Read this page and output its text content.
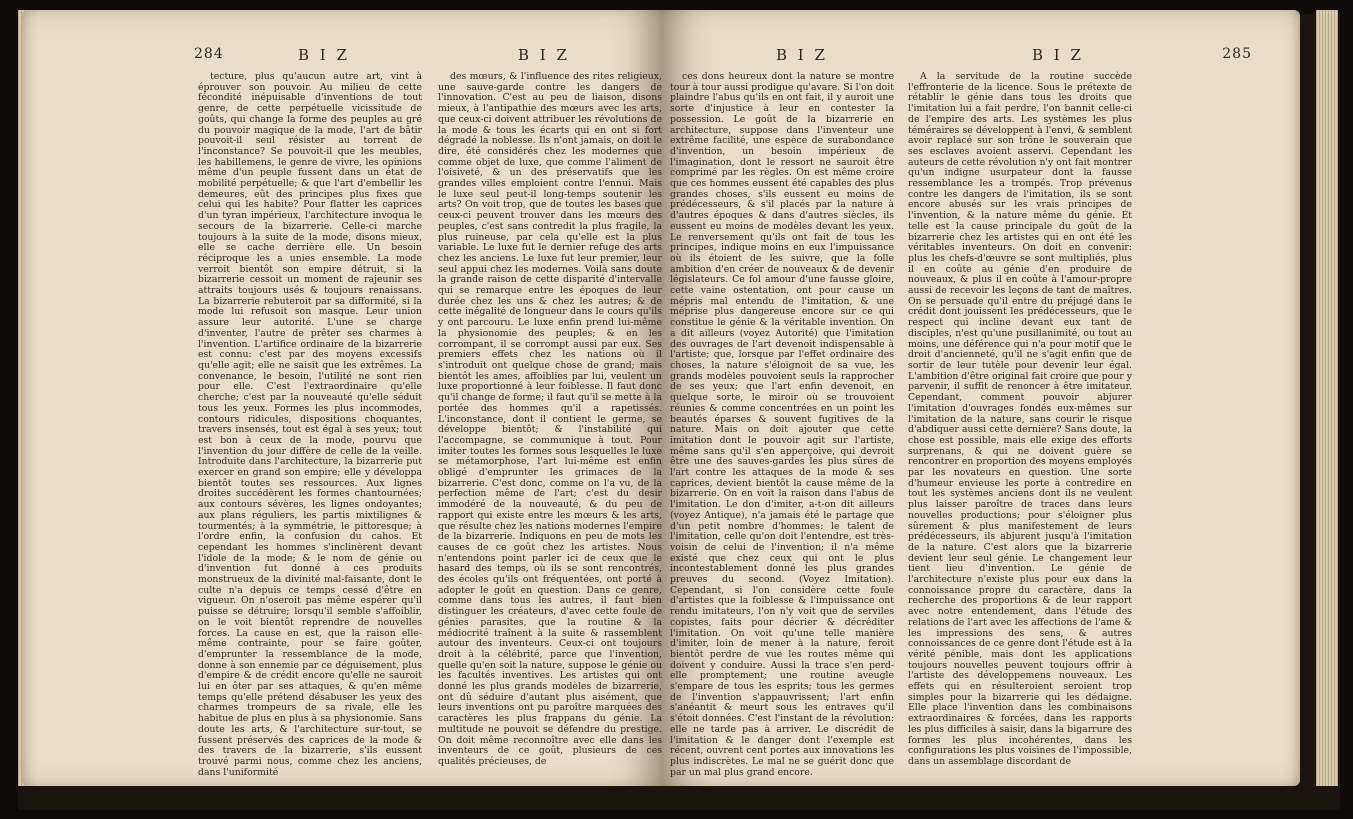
284	B I Z	B I Z

tecture, plus qu'aucun autre art, vint à éprouver son pouvoir. Au milieu de cette fécondité inépuisable d'inventions de tout genre, de cette perpétuelle vicissitude de goûts, qui change la forme des peuples au gré du pouvoir magique de la mode, l'art de bâtir pouvoit-il seul résister au torrent de l'inconstance? Se pouvoit-il que les meubles, les habillemens, le genre de vivre, les opinions même d'un peuple fussent dans un état de mobilité perpétuelle; & que l'art d'embellir les demeures, eût des principes plus fixes que celui qui les habite? Pour flatter les caprices d'un tyran impérieux, l'architecture invoqua le secours de la bizarrerie. Celle-ci marche toujours à la suite de la mode, disons mieux, elle se cache derrière elle. Un besoin réciproque les a unies ensemble. La mode verroit bientôt son empire détruit, si la bizarrerie cessoit un moment de rajeunir ses attraits toujours usés & toujours renaissans. La bizarrerie rebuteroit par sa difformité, si la mode lui refusoit son masque. Leur union assure leur autorité. L'une se charge d'inventer, l'autre de prêter ses charmes à l'invention. L'artifice ordinaire de la bizarrerie est connu: c'est par des moyens excessifs qu'elle agit; elle ne saisit que les extrêmes. La convenance, le besoin, l'utilité ne sont rien pour elle. C'est l'extraordinaire qu'elle cherche; c'est par la nouveauté qu'elle séduit tous les yeux. Formes les plus incommodes, contours ridicules, dispositions choquantes, travers insensés, tout est égal à ses yeux; tout est bon à ceux de la mode, pourvu que l'invention du jour diffère de celle de la veille. Introduite dans l'architecture, la bizarrerie put exercer en grand son empire; elle y développa bientôt toutes ses ressources. Aux lignes droites succédèrent les formes chantournées; aux contours sévères, les lignes ondoyantes; aux plans réguliers, les partis mixtilignes & tourmentés; à la symmétrie, le pittoresque; à l'ordre enfin, la confusion du cahos. Et cependant les hommes s'inclinèrent devant l'idole de la mode; & le nom de génie ou d'invention fut donné à ces produits monstrueux de la divinité mal-faisante, dont le culte n'a depuis ce temps cessé d'être en vigueur. On n'oseroit pas même espérer qu'il puisse se détruire; lorsqu'il semble s'affoiblir, on le voit bientôt reprendre de nouvelles forces. La cause en est, que la raison elle-même contrainte, pour se faire goûter, d'emprunter la ressemblance de la mode, donne à son ennemie par ce déguisement, plus d'empire & de crédit encore qu'elle ne sauroit lui en ôter par ses attaques, & qu'en même temps qu'elle prétend désabuser les yeux des charmes trompeurs de sa rivale, elle les habitue de plus en plus à sa physionomie. Sans doute les arts, & l'architecture sur-tout, se fussent préservés des caprices de la mode & des travers de la bizarrerie, s'ils eussent trouvé parmi nous, comme chez les anciens, dans l'uniformité

des mœurs, & l'influence des rites religieux, une sauve-garde contre les dangers de l'innovation. C'est au peu de liaison, disons mieux, à l'antipathie des mœurs avec les arts, que ceux-ci doivent attribuer les révolutions de la mode & tous les écarts qui en ont si fort dégradé la noblesse. Ils n'ont jamais, on doit le dire, été considérés chez les modernes que comme objet de luxe, que comme l'aliment de l'oisiveté, & un des préservatifs que les grandes villes emploient contre l'ennui. Mais le luxe seul peut-il long-temps soutenir les arts? On voit trop, que de toutes les bases que ceux-ci peuvent trouver dans les mœurs des peuples, c'est sans contredit la plus fragile, la plus ruineuse, par cela qu'elle est la plus variable. Le luxe fut le dernier refuge des arts chez les anciens. Le luxe fut leur premier, leur seul appui chez les modernes. Voilà sans doute la grande raison de cette disparité d'intervalle qui se remarque entre les époques de leur durée chez les uns & chez les autres; & de cette inégalité de longueur dans le cours qu'ils y ont parcouru. Le luxe enfin prend lui-même la physionomie des peuples; & en les corrompant, il se corrompt aussi par eux. Ses premiers effets chez les nations où il s'introduit ont quelque chose de grand; mais bientôt les ames, affoiblies par lui, veulent un luxe proportionné à leur foiblesse. Il faut donc qu'il change de forme; il faut qu'il se mette à la portée des hommes qu'il a rapetissés. L'inconstance, dont il contient le germe, se développe bientôt; & l'instabilité qui l'accompagne, se communique à tout. Pour imiter toutes les formes sous lesquelles le luxe se métamorphose, l'art lui-même est enfin obligé d'emprunter les grimaces de la bizarrerie. C'est donc, comme on l'a vu, de la perfection même de l'art; c'est du desir immodéré de la nouveauté, & du peu de rapport qui existe entre les mœurs & les arts, que résulte chez les nations modernes l'empire de la bizarrerie. Indiquons en peu de mots les causes de ce goût chez les artistes. Nous n'entendons point parler ici de ceux que le hasard des temps, où ils se sont rencontrés, des écoles qu'ils ont fréquentées, ont porté à adopter le goût en question. Dans ce genre, comme dans tous les autres, il faut bien distinguer les créateurs, d'avec cette foule de génies parasites, que la routine & la médiocrité traînent à la suite & rassemblent autour des inventeurs. Ceux-ci ont toujours droit à la célébrité, parce que l'invention, quelle qu'en soit la nature, suppose le génie ou les facultés inventives. Les artistes qui ont donné les plus grands modèles de bizarrerie, ont dû séduire d'autant plus aisément, que leurs inventions ont pu paroître marquées des caractères les plus frappans du génie. La multitude ne pouvoit se défendre du prestige. On doit même reconnoître avec elle dans les inventeurs de ce goût, plusieurs de ces qualités précieuses, de

B I Z	B I Z	285

ces dons heureux dont la nature se montre tour à tour aussi prodigue qu'avare. Si l'on doit plaindre l'abus qu'ils en ont fait, il y auroit une sorte d'injustice à leur en contester la possession. Le goût de la bizarrerie en architecture, suppose dans l'inventeur une extrême facilité, une espèce de surabondance d'invention, un besoin impérieux de l'imagination, dont le ressort ne sauroit être comprimé par les règles. On est même croire que ces hommes eussent été capables des plus grandes choses, s'ils eussent eu moins de prédécesseurs, & s'il placés par la nature à d'autres époques & dans d'autres siècles, ils eussent eu moins de modèles devant les yeux. Le renversement qu'ils ont fait de tous les principes, indique moins en eux l'impuissance où ils étoient de les suivre, que la folle ambition d'en créer de nouveaux & de devenir législateurs. Ce fol amour d'une fausse gloire, cette vaine ostentation, ont pour cause un mépris mal entendu de l'imitation, & une méprise plus dangereuse encore sur ce qui constitue le génie & la véritable invention. On a dit ailleurs (voyez Autorité) que l'imitation des ouvrages de l'art devenoit indispensable à l'artiste; que, lorsque par l'effet ordinaire des choses, la nature s'éloignoit de sa vue, les grands modèles pouvoient seuls la rapprocher de ses yeux; que l'art enfin devenoit, en quelque sorte, le miroir où se trouvoient réunies & comme concentrées en un point les beautés éparses & souvent fugitives de la nature. Mais on doit ajouter que cette imitation dont le pouvoir agit sur l'artiste, même sans qu'il s'en apperçoive, qui devroit être une des sauves-gardes les plus sûres de l'art contre les attaques de la mode & ses caprices, devient bientôt la cause même de la bizarrerie. On en voit la raison dans l'abus de l'imitation. Le don d'imiter, a-t-on dit ailleurs (voyez Antique), n'a jamais été le partage que d'un petit nombre d'hommes: le talent de l'imitation, celle qu'on doit l'entendre, est très-voisin de celui de l'invention; il n'a même existé que chez ceux qui ont le plus incontestablement donné les plus grandes preuves du second. (Voyez Imitation). Cependant, si l'on considère cette foule d'artistes que la foiblesse & l'impuissance ont rendu imitateurs, l'on n'y voit que de serviles copistes, faits pour décrier & décréditer l'imitation. On voit qu'une telle manière d'imiter, loin de mener à la nature, feroit bientôt perdre de vue les routes même qui doivent y conduire. Aussi la trace s'en perd-elle promptement; une routine aveugle s'empare de tous les esprits; tous les germes de l'invention s'appauvrissent; l'art enfin s'anéantit & meurt sous les entraves qu'il s'étoit données. C'est l'instant de la révolution: elle ne tarde pas à arriver. Le discrédit de l'imitation & le danger dont l'exemple est récent, ouvrent cent portes aux innovations les plus indiscrètes. Le mal ne se guérit donc que par un mal plus grand encore.

A la servitude de la routine succède l'effronterie de la licence. Sous le prétexte de rétablir le génie dans tous les droits que l'imitation lui a fait perdre, l'on bannit celle-ci de l'empire des arts. Les systèmes les plus téméraires se développent à l'envi, & semblent avoir replacé sur son trône le souverain que ses esclaves avoient asservi. Cependant les auteurs de cette révolution n'y ont fait montrer qu'un indigne usurpateur dont la fausse ressemblance les a trompés. Trop prévenus contre les dangers de l'imitation, ils se sont encore abusés sur les vrais principes de l'invention, & la nature même du génie. Et telle est la cause principale du goût de la bizarrerie chez les artistes qui en ont été les véritables inventeurs. On doit en convenir: plus les chefs-d'œuvre se sont multipliés, plus il en coûte au génie d'en produire de nouveaux, & plus il en coûte à l'amour-propre aussi de recevoir les leçons de tant de maîtres. On se persuade qu'il entre du préjugé dans le crédit dont jouissent les prédécesseurs, que le respect qui incline devant eux tant de disciples, n'est qu'une pusillanimité, ou tout au moins, une déférence qui n'a pour motif que le droit d'ancienneté, qu'il ne s'agit enfin que de sortir de leur tutèle pour devenir leur égal. L'ambition d'être original fait croire que pour y parvenir, il suffit de renoncer à être imitateur. Cependant, comment pouvoir abjurer l'imitation d'ouvrages fondés eux-mêmes sur l'imitation de la nature, sans courir le risque d'abdiquer aussi cette dernière? Sans doute, la chose est possible, mais elle exige des efforts surprenans, & qui ne doivent guère se rencontrer en proportion des moyens employés par les novateurs en question. Une sorte d'humeur envieuse les porte à contredire en tout les systèmes anciens dont ils ne veulent plus laisser paroître de traces dans leurs nouvelles productions; pour s'éloigner plus sûrement & plus manifestement de leurs prédécesseurs, ils abjurent jusqu'à l'imitation de la nature. C'est alors que la bizarrerie devient leur seul génie. Le changement leur tient lieu d'invention. Le génie de l'architecture n'existe plus pour eux dans la connoissance propre du caractère, dans la recherche des proportions & de leur rapport avec notre entendement, dans l'étude des relations de l'art avec les affections de l'ame & les impressions des sens, & autres connoissances de ce genre dont l'étude est à la vérité pénible, mais dont les applications toujours nouvelles peuvent toujours offrir à l'artiste des développemens nouveaux. Les effets qui en résulteroient seroient trop simples pour la bizarrerie qui les dédaigne. Elle place l'invention dans les combinaisons extraordinaires & forcées, dans les rapports les plus difficiles à saisir, dans la bigarrure des formes les plus incohérentes, dans les configurations les plus voisines de l'impossible, dans un assemblage discordant de
